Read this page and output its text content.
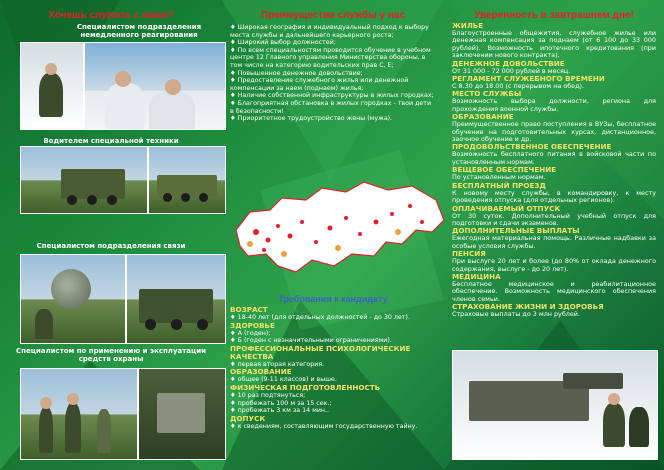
Хочешь служить с нами?
Специалистом подразделения немедленного реагирования
Водителем специальной техники
Специалистом подразделения связи
Специалистом по применению и эксплуатации средств охраны
Преимущества службы у нас
♦ Широкая география и индивидуальный подход к выбору места службы и дальнейшего карьерного роста;
♦ Широкий выбор должностей;
♦ По всем специальностям проводится обучение в учебном центре 12 Главного управления Министерства обороны, в том числе на категорию водительских прав С, Е;
♦ Повышенное денежное довольствие;
♦ Предоставление служебного жилья или денежной компенсации за наем (поднаем) жилья;
♦ Наличие собственной инфраструктуры в жилых городках;
♦ Благоприятная обстановка в жилых городках - твои дети в безопасности!
♦ Приоритетное трудоустройство жены (мужа).
Требования к кандидату
ВОЗРАСТ
♦ 18-40 лет (для отдельных должностей - до 30 лет).
ЗДОРОВЬЕ
♦ А (годен);
♦ Б (годен с незначительными ограничениями).
ПРОФЕССИОНАЛЬНЫЕ ПСИХОЛОГИЧЕСКИЕ КАЧЕСТВА
♦ первая вторая категория.
ОБРАЗОВАНИЕ
♦ общее (9-11 классов) и выше.
ФИЗИЧЕСКАЯ ПОДГОТОВЛЕННОСТЬ
♦ 10 раз подтянуться;
♦ пробежать 100 м за 15 сек.;
♦ пробежать 3 км за 14 мин..
ДОПУСК
♦ к сведениям, составляющим государственную тайну.
Уверенность в завтрашнем дне!
ЖИЛЬЕ
Благоустроенные общежития, служебное жилье или денежная компенсация за поднаем (от 6 100 до 33 000 рублей). Возможность ипотечного кредитования (при заключении нового контракта).
ДЕНЕЖНОЕ ДОВОЛЬСТВИЕ
От 31 000 - 72 000 рублей в месяц.
РЕГЛАМЕНТ СЛУЖЕБНОГО ВРЕМЕНИ
С 8.30 до 18.00 (с перерывом на обед).
МЕСТО СЛУЖБЫ
Возможность выбора должности, региона для прохождения военной службы.
ОБРАЗОВАНИЕ
Преимущественное право поступления в ВУЗы, бесплатное обучение на подготовительных курсах, дистанционное, заочное обучение и др.
ПРОДОВОЛЬСТВЕННОЕ ОБЕСПЕЧЕНИЕ
Возможность бесплатного питания в войсковой части по установленным нормам.
ВЕЩЕВОЕ ОБЕСПЕЧЕНИЕ
По установленным нормам.
БЕСПЛАТНЫЙ ПРОЕЗД
К новому месту службы, в командировку, к месту проведения отпуска (для отдельных регионов).
ОПЛАЧИВАЕМЫЙ ОТПУСК
От 30 суток. Дополнительный учебный отпуск для подготовки и сдачи экзаменов.
ДОПОЛНИТЕЛЬНЫЕ ВЫПЛАТЫ
Ежегодная материальная помощь. Различные надбавки за особые условия службы.
ПЕНСИЯ
При выслуге 20 лет и более (до 80% от оклада денежного содержания, выслуге - до 20 лет).
МЕДИЦИНА
Бесплатное медицинское и реабилитационное обеспечение. Возможность медицинского обеспечения членов семьи.
СТРАХОВАНИЕ ЖИЗНИ И ЗДОРОВЬЯ
Страховые выплаты до 3 млн рублей.
